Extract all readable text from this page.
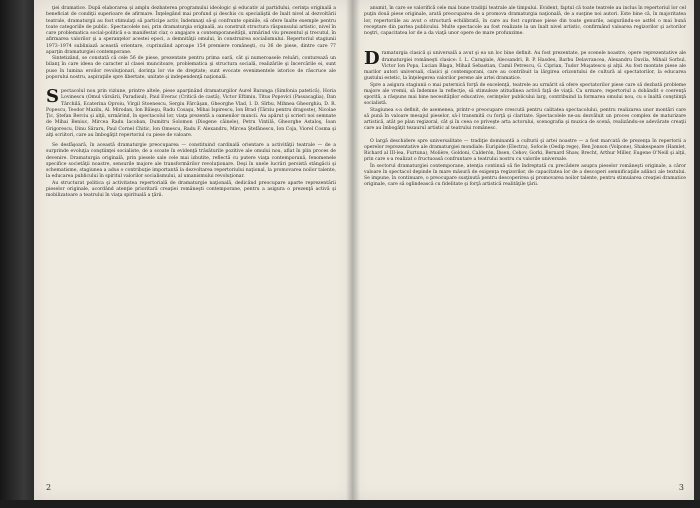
ţiei dramatice. După elaborarea şi amplu dezbaterea programului ideologic şi educativ al partidului, cerinţa originală a beneficiat de condiţii superioare de afirmare. Înţelegând mai profund şi deschis cu specialiştii de înalt nivel al dezvoltării teatrale, dramaturgii au fost stimulaţi să participe activ, îndemnaţi să-şi confrunte opiniile, să ofere înalte exemple pentru toate categoriile de public. Spectacolele noi, prin dramaturgia originală, au construit structura răspunsului artistic, nivel în care problematica social-politică s-a manifestat clar, o angajare a contemporaneităţii, urmărind viu prezentul şi trecutul, în afirmarea valorilor şi a speranţelor acestei epoci, a demnităţii omului, în construirea socialismului. Repertoriul stagiunii 1973–1974 subliniază această orientare, cuprinzând aproape 154 premiere româneşti, cu 36 de piese, dintre care 77 aparţin dramaturgiei contemporane.

Sintetizând, se constată că cele 56 de piese, prezentate pentru prima oară, cât şi numeroasele reluări, conturează un bilanţ în care ideea de caracter al clasei muncitoare, problematica şi structura socială, realizările şi încercările ei, sunt puse în lumina eroilor revoluţionari, dorinţa lor vie de dreptate; sunt evocate evenimentele istorice de răscruce ale poporului nostru, aspiraţiile spre libertate, unitate şi independenţă naţională.

Spectacolul nou prin viziune, printre altele, piese aparţinând dramaturgilor Aurel Baranga (Simfonia patetică), Horia Lovinescu (Omul vărsării, Paradisul), Paul Everac (Critică de castă), Victor Eftimiu, Titus Popovici (Passacaglia), Dan Tărchilă, Ecaterina Oproiu, Virgil Stoenescu, Sergiu Fărcăşan, Gheorghe Vlad, I. D. Sîrbu, Mihnea Gheorghiu, D. R. Popescu, Teodor Mazilu, Al. Mirodan, Ion Băieşu, Radu Cosaşu, Mihai Ispirescu, Ion Brad (Tărziu pentru dragoste), Nicolae Ţic, Ştefan Berciu şi alţii, urmărind, în spectacolul lor, viaţa prezentă a oamenilor muncii. Au apărut şi scrieri noi semnate de Mihai Beniuc, Mircea Radu Iacoban, Dumitru Solomon (Diogene câinele), Petru Vintilă, Gheorghe Astaloş, Ioan Grigorescu, Dinu Săraru, Paul Cornel Chitic, Ion Omescu, Radu F. Alexandru, Mircea Ştefănescu, Ion Coja, Viorel Cosma şi alţi scriitori, care au îmbogăţit repertoriul cu piese de valoare.

Se desfăşoară, în această dramaturgie preocuparea — constituind cardinală orientare a activităţii teatrale — de a surprinde evoluţia conştiinţei socialiste, de a scoate în evidenţă trăsăturile pozitive ale omului nou, aflat în plin proces de devenire. Dramaturgia originală, prin piesele sale cele mai izbutite, reflectă cu putere viaţa contemporană, fenomenele specifice societăţii noastre, sensurile majore ale transformărilor revoluţionare. Deşi în unele lucrări persistă stângăcii şi schematisme, stagiunea a adus o contribuţie importantă la dezvoltarea repertoriului naţional, la promovarea noilor talente, la educarea publicului în spiritul valorilor socialismului, al umanismului revoluţionar.

Au structurat politica şi activitatea repertorială de dramaturgie naţională, dedicând preocupare aparte reprezentării pieselor originale, acordând atenţie prioritară creaţiei româneşti contemporane, pentru a asigura o prezenţă activă şi mobilizatoare a teatrului în viaţa spirituală a ţării.

2

anumit, în care se valorifică cele mai bune tradiţii teatrale ale timpului. Evident, faptul că toate teatrele au inclus în repertoriul lor cel puţin două piese originale, arată preocuparea de a promova dramaturgia naţională, de a susţine noi autori. Este bine că, în majoritatea lor, repertoriile au avut o structură echilibrată, în care au fost cuprinse piese din toate genurile, asigurându-se astfel o mai bună receptare din partea publicului. Multe spectacole au fost realizate la un înalt nivel artistic, confirmând valoarea regizorilor şi actorilor noştri, capacitatea lor de a da viaţă unor opere de mare profunzime.

Dramaturgia clasică şi universală a avut şi ea un loc bine definit. Au fost prezentate, pe scenele noastre, opere reprezentative ale dramaturgiei româneşti clasice: I. L. Caragiale, Alecsandri, B. P. Hasdeu, Barbu Delavrancea, Alexandru Davila, Mihail Sorbul, Victor Ion Popa, Lucian Blaga, Mihail Sebastian, Camil Petrescu, G. Ciprian, Tudor Muşatescu şi alţii. Au fost montate piese ale marilor autori universali, clasici şi contemporani, care au contribuit la lărgirea orizontului de cultură al spectatorilor, la educarea gustului estetic, la înţelegerea valorilor perene ale artei dramatice.

Spre a asigura stagiunii o mai puternică forţă de excelenţă, teatrele au urmărit să ofere spectatorilor piese care să dezbată probleme majore ale vremii, să îndemne la reflecţie, să stimuleze atitudinea activă faţă de viaţă. Ca urmare, repertoriul a dobândit o coerenţă sporită, a răspuns mai bine necesităţilor educative, cerinţelor publicului larg, contribuind la formarea omului nou, cu o înaltă conştiinţă socialistă.

Stagiunea s-a definit, de asemenea, printr-o preocupare crescută pentru calitatea spectacolului, pentru realizarea unor montări care să pună în valoare mesajul pieselor, să-l transmită cu forţă şi claritate. Spectacolele ne-au dezvăluit un proces complex de maturizare artistică, atât pe plan regizoral, cât şi în ceea ce priveşte arta actorului, scenografia şi muzica de scenă, realizându-se adevărate creaţii care au îmbogăţit tezaurul artistic al teatrului românesc.

O largă deschidere spre universalitate — tradiţie dominantă a culturii şi artei noastre — a fost marcată de prezenţa în repertorii a operelor reprezentative ale dramaturgiei mondiale: Euripide (Electra), Sofocle (Oedip rege), Ben Jonson (Volpone), Shakespeare (Hamlet, Richard al III-lea, Furtuna), Molière, Goldoni, Calderón, Ibsen, Cehov, Gorki, Bernard Shaw, Brecht, Arthur Miller, Eugene O'Neill şi alţii, prin care s-a realizat o fructuoasă confruntare a teatrului nostru cu valorile universale.

În sectorul dramaturgiei contemporane, atenţia continuă să fie îndreptată cu precădere asupra pieselor româneşti originale, a căror valoare în spectacol depinde în mare măsură de exigenţa regizorilor, de capacitatea lor de a descoperi semnificaţiile adânci ale textului. Se impune, în continuare, o preocupare susţinută pentru descoperirea şi promovarea noilor talente, pentru stimularea creaţiei dramatice originale, care să oglindească cu fidelitate şi forţă artistică realităţile ţării.

3
